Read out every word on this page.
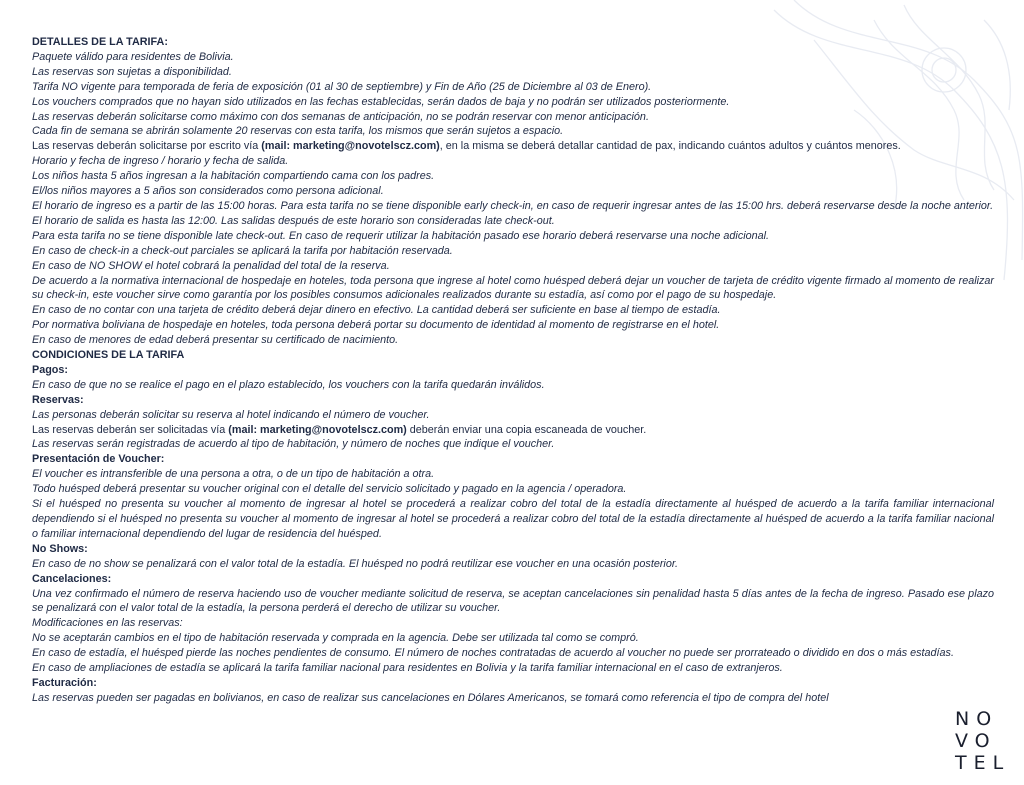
DETALLES DE LA TARIFA:

Paquete válido para residentes de Bolivia.

Las reservas son sujetas a disponibilidad.

Tarifa NO vigente para temporada de feria de exposición (01 al 30 de septiembre) y Fin de Año (25 de Diciembre al 03 de Enero).

Los vouchers comprados que no hayan sido utilizados en las fechas establecidas, serán dados de baja y no podrán ser utilizados posteriormente.

Las reservas deberán solicitarse como máximo con dos semanas de anticipación, no se podrán reservar con menor anticipación.

Cada fin de semana se abrirán solamente 20 reservas con esta tarifa, los mismos que serán sujetos a espacio.

Las reservas deberán solicitarse por escrito vía (mail: marketing@novotelscz.com), en la misma se deberá detallar cantidad de pax, indicando cuántos adultos y cuántos menores.

Horario y fecha de ingreso / horario y fecha de salida.

Los niños hasta 5 años ingresan a la habitación compartiendo cama con los padres.

El/los niños mayores a 5 años son considerados como persona adicional.

El horario de ingreso es a partir de las 15:00 horas. Para esta tarifa no se tiene disponible early check-in, en caso de requerir ingresar antes de las 15:00 hrs. deberá reservarse desde la noche anterior.

El horario de salida es hasta las 12:00. Las salidas después de este horario son consideradas late check-out.

Para esta tarifa no se tiene disponible late check-out. En caso de requerir utilizar la habitación pasado ese horario deberá reservarse una noche adicional.

En caso de check-in a check-out parciales se aplicará la tarifa por habitación reservada.

En caso de NO SHOW el hotel cobrará la penalidad del total de la reserva.

De acuerdo a la normativa internacional de hospedaje en hoteles, toda persona que ingrese al hotel como huésped deberá dejar un voucher de tarjeta de crédito vigente firmado al momento de realizar su check-in, este voucher sirve como garantía por los posibles consumos adicionales realizados durante su estadía, así como por el pago de su hospedaje.

En caso de no contar con una tarjeta de crédito deberá dejar dinero en efectivo. La cantidad deberá ser suficiente en base al tiempo de estadía.

Por normativa boliviana de hospedaje en hoteles, toda persona deberá portar su documento de identidad al momento de registrarse en el hotel.

En caso de menores de edad deberá presentar su certificado de nacimiento.

CONDICIONES DE LA TARIFA

Pagos:

En caso de que no se realice el pago en el plazo establecido, los vouchers con la tarifa quedarán inválidos.

Reservas:

Las personas deberán solicitar su reserva al hotel indicando el número de voucher.

Las reservas deberán ser solicitadas vía (mail: marketing@novotelscz.com) deberán enviar una copia escaneada de voucher.

Las reservas serán registradas de acuerdo al tipo de habitación, y número de noches que indique el voucher.

Presentación de Voucher:

El voucher es intransferible de una persona a otra, o de un tipo de habitación a otra.

Todo huésped deberá presentar su voucher original con el detalle del servicio solicitado y pagado en la agencia / operadora.

Si el huésped no presenta su voucher al momento de ingresar al hotel se procederá a realizar cobro del total de la estadía directamente al huésped de acuerdo a la tarifa familiar internacional dependiendo si el huésped no presenta su voucher al momento de ingresar al hotel se procederá a realizar cobro del total de la estadía directamente al huésped de acuerdo a la tarifa familiar nacional o familiar internacional dependiendo del lugar de residencia del huésped.

No Shows:

En caso de no show se penalizará con el valor total de la estadía. El huésped no podrá reutilizar ese voucher en una ocasión posterior.

Cancelaciones:

Una vez confirmado el número de reserva haciendo uso de voucher mediante solicitud de reserva, se aceptan cancelaciones sin penalidad hasta 5 días antes de la fecha de ingreso. Pasado ese plazo se penalizará con el valor total de la estadía, la persona perderá el derecho de utilizar su voucher.

Modificaciones en las reservas:

No se aceptarán cambios en el tipo de habitación reservada y comprada en la agencia. Debe ser utilizada tal como se compró.

En caso de estadía, el huésped pierde las noches pendientes de consumo. El número de noches contratadas de acuerdo al voucher no puede ser prorrateado o dividido en dos o más estadías.

En caso de ampliaciones de estadía se aplicará la tarifa familiar nacional para residentes en Bolivia y la tarifa familiar internacional en el caso de extranjeros.

Facturación:

Las reservas pueden ser pagadas en bolivianos, en caso de realizar sus cancelaciones en Dólares Americanos, se tomará como referencia el tipo de compra del hotel

NO
VO
TEL
